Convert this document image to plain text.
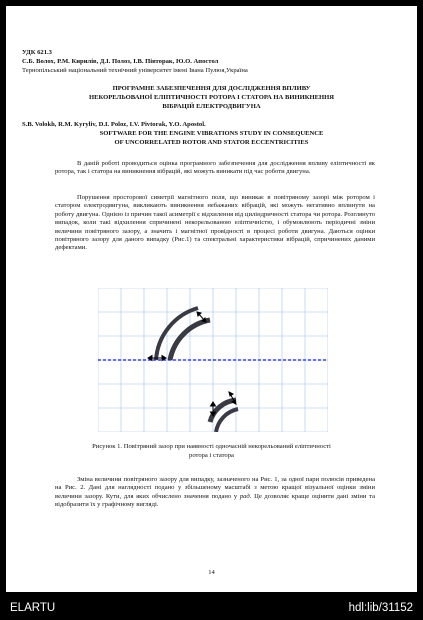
УДК 621.3
С.Б. Волох, Р.М. Кирилів, Д.І. Полоз, І.В. Півторак, Ю.О. Апостол
Тернопільський національний технічний університет імені Івана Пулюя,Україна
ПРОГРАМНЕ ЗАБЕЗПЕЧЕННЯ ДЛЯ ДОСЛІДЖЕННЯ ВПЛИВУ
НЕКОРЕЛЬОВАНОЇ ЕЛІПТИЧНОСТІ РОТОРА І СТАТОРА НА ВИНИКНЕННЯ
ВІБРАЦІЙ ЕЛЕКТРОДВИГУНА
S.B. Volokh, R.M. Kyryliv, D.I. Poloz, I.V. Pivtorak, Y.O. Apostol.
SOFTWARE FOR THE ENGINE VIBRATIONS STUDY IN CONSEQUENCE
OF UNCORRELATED ROTOR AND STATOR ECCENTRICITIES
В даній роботі проводиться оцінка програмного забезпечення для дослідження впливу еліптичності як ротора, так і статора на виникнення вібрацій, які можуть виникати під час роботи двигуна.
Порушення просторової симетрії магнітного поля, що виникає в повітряному зазорі між ротором і статором електродвигуна, викликають виникнення небажаних вібрацій, які можуть негативно вплинути на роботу двигуна. Однією із причин такої асиметрії є відхилення від циліндричності статора чи ротора. Розглянуто випадок, коли такі відхилення спричинені некорельованою еліптичністю, і обумовлюють періодичні зміни величини повітряного зазору, а значить і магнітної провідності в процесі роботи двигуна. Даються оцінки повітряного зазору для даного випадку (Рис.1) та спектральні характеристики вібрацій, спричинених даними дефектами.
Рисунок 1. Повітряний зазор при наявності одночасній некорельований еліптичності
ротора і статора
Зміна величини повітряного зазору для випадку, зазначеного на Рис. 1, за одної пари полюсів приведена на Рис. 2. Дані для наглядності подано у збільшеному масштабі з метою кращої візуальної оцінки зміни величини зазору. Кути, для яких обчислено значення подано у рад. Це дозволяє краще оцінити дані зміни та відобразити їх у графічному вигляді.
14
ELARTU	hdl:lib/31152
